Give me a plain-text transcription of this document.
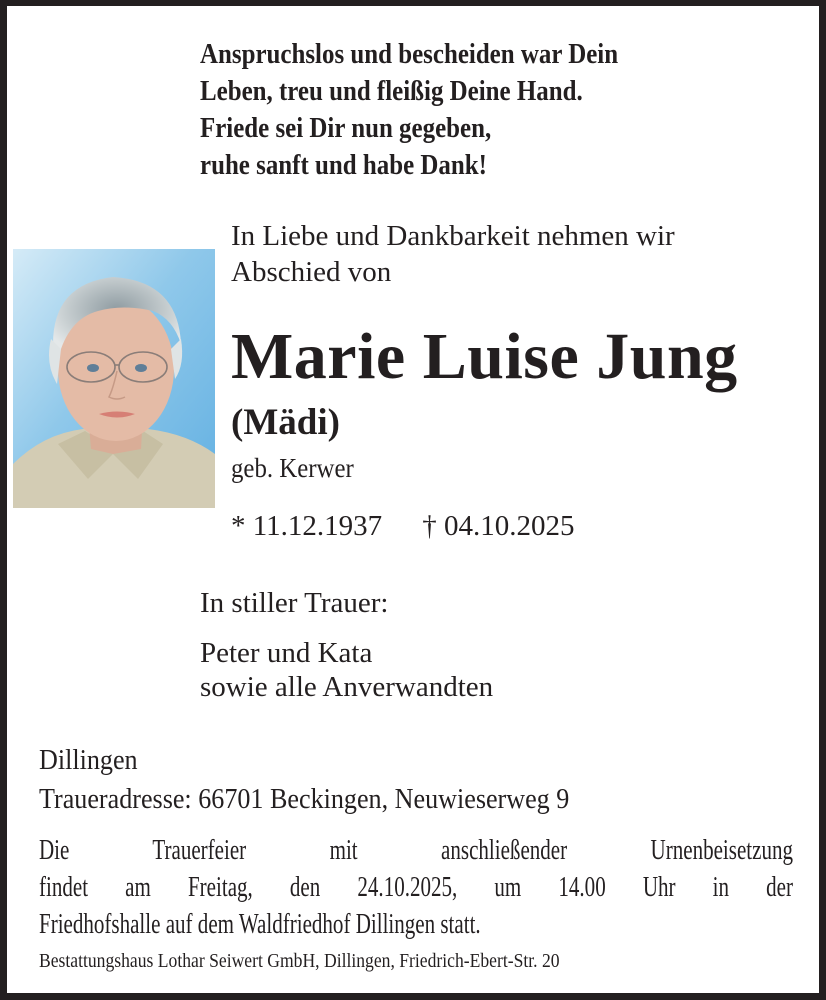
Anspruchslos und bescheiden war Dein
Leben, treu und fleißig Deine Hand.
Friede sei Dir nun gegeben,
ruhe sanft und habe Dank!
In Liebe und Dankbarkeit nehmen wir
Abschied von
Marie Luise Jung
(Mädi)
geb. Kerwer
* 11.12.1937 † 04.10.2025
In stiller Trauer:
Peter und Kata
sowie alle Anverwandten
Dillingen
Traueradresse: 66701 Beckingen, Neuwieserweg 9
Die Trauerfeier mit anschließender Urnenbeisetzung
findet am Freitag, den 24.10.2025, um 14.00 Uhr in der
Friedhofshalle auf dem Waldfriedhof Dillingen statt.
Bestattungshaus Lothar Seiwert GmbH, Dillingen, Friedrich-Ebert-Str. 20
